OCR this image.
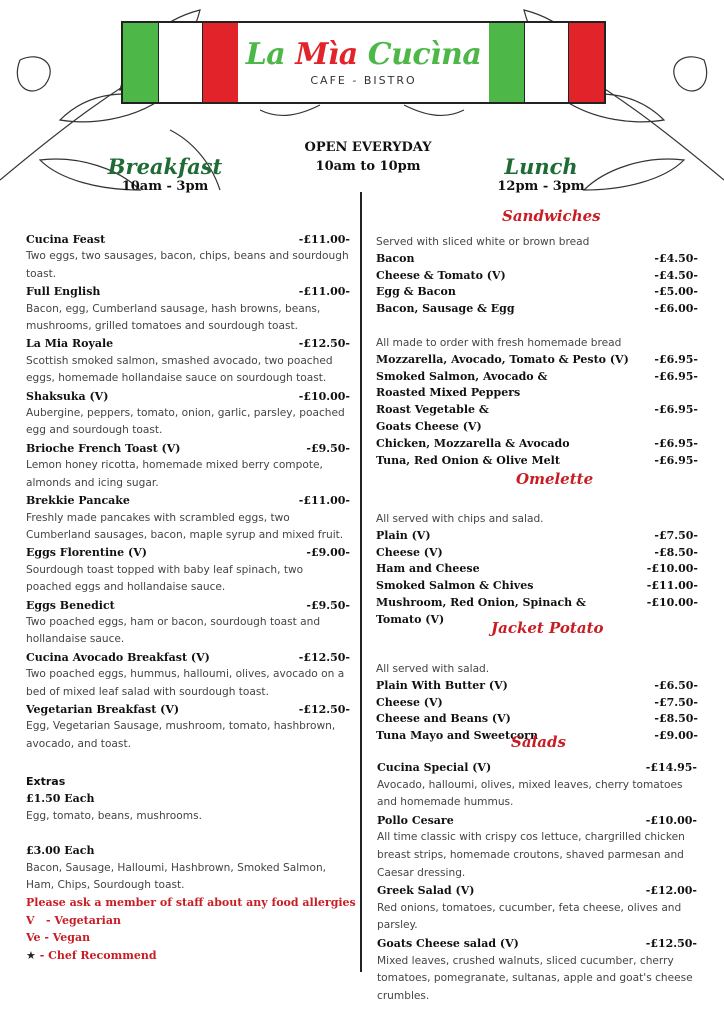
La Mìa Cucìna
CAFE - BISTRO
OPEN EVERYDAY
10am to 10pm
Breakfast
10am - 3pm
Lunch
12pm - 3pm
Cucina Feast	-£11.00-
Two eggs, two sausages, bacon, chips, beans and sourdough toast.
Full English	-£11.00-
Bacon, egg, Cumberland sausage, hash browns, beans, mushrooms, grilled tomatoes and sourdough toast.
La Mia Royale	-£12.50-
Scottish smoked salmon, smashed avocado, two poached eggs, homemade hollandaise sauce on sourdough toast.
Shaksuka (V)	-£10.00-
Aubergine, peppers, tomato, onion, garlic, parsley, poached egg and sourdough toast.
Brioche French Toast (V)	-£9.50-
Lemon honey ricotta, homemade mixed berry compote, almonds and icing sugar.
Brekkie Pancake	-£11.00-
Freshly made pancakes with scrambled eggs, two Cumberland sausages, bacon, maple syrup and mixed fruit.
Eggs Florentine (V)	-£9.00-
Sourdough toast topped with baby leaf spinach, two poached eggs and hollandaise sauce.
Eggs Benedict	-£9.50-
Two poached eggs, ham or bacon, sourdough toast and hollandaise sauce.
Cucina Avocado Breakfast (V)	-£12.50-
Two poached eggs, hummus, halloumi, olives, avocado on a bed of mixed leaf salad with sourdough toast.
Vegetarian Breakfast (V)	-£12.50-
Egg, Vegetarian Sausage, mushroom, tomato, hashbrown, avocado, and toast.
Extras
£1.50 Each
Egg, tomato, beans, mushrooms.
£3.00 Each
Bacon, Sausage, Halloumi, Hashbrown, Smoked Salmon, Ham, Chips, Sourdough toast.
Please ask a member of staff about any food allergies
V   - Vegetarian
Ve - Vegan
★ - Chef Recommend
Sandwiches
Served with sliced white or brown bread
Bacon	-£4.50-
Cheese & Tomato (V)	-£4.50-
Egg & Bacon	-£5.00-
Bacon, Sausage & Egg	-£6.00-
All made to order with fresh homemade bread
Mozzarella, Avocado, Tomato & Pesto (V) -£6.95-
Smoked Salmon, Avocado &
Roasted Mixed Peppers
-£6.95-
Roast Vegetable &
Goats Cheese (V)
-£6.95-
Chicken, Mozzarella & Avocado	-£6.95-
Tuna, Red Onion & Olive Melt	-£6.95-
Omelette
All served with chips and salad.
Plain (V)	-£7.50-
Cheese (V)	-£8.50-
Ham and Cheese	-£10.00-
Smoked Salmon & Chives	-£11.00-
Mushroom, Red Onion, Spinach &
Tomato (V)
-£10.00-
Jacket Potato
All served with salad.
Plain With Butter (V)	-£6.50-
Cheese (V)	-£7.50-
Cheese and Beans (V)	-£8.50-
Tuna Mayo and Sweetcorn	-£9.00-
Salads
Cucina Special (V)	-£14.95-
Avocado, halloumi, olives, mixed leaves, cherry tomatoes and homemade hummus.
Pollo Cesare	-£10.00-
All time classic with crispy cos lettuce, chargrilled chicken breast strips, homemade croutons, shaved parmesan and Caesar dressing.
Greek Salad (V)	-£12.00-
Red onions, tomatoes, cucumber, feta cheese, olives and parsley.
Goats Cheese salad (V)	-£12.50-
Mixed leaves, crushed walnuts, sliced cucumber, cherry tomatoes, pomegranate, sultanas, apple and goat's cheese crumbles.
